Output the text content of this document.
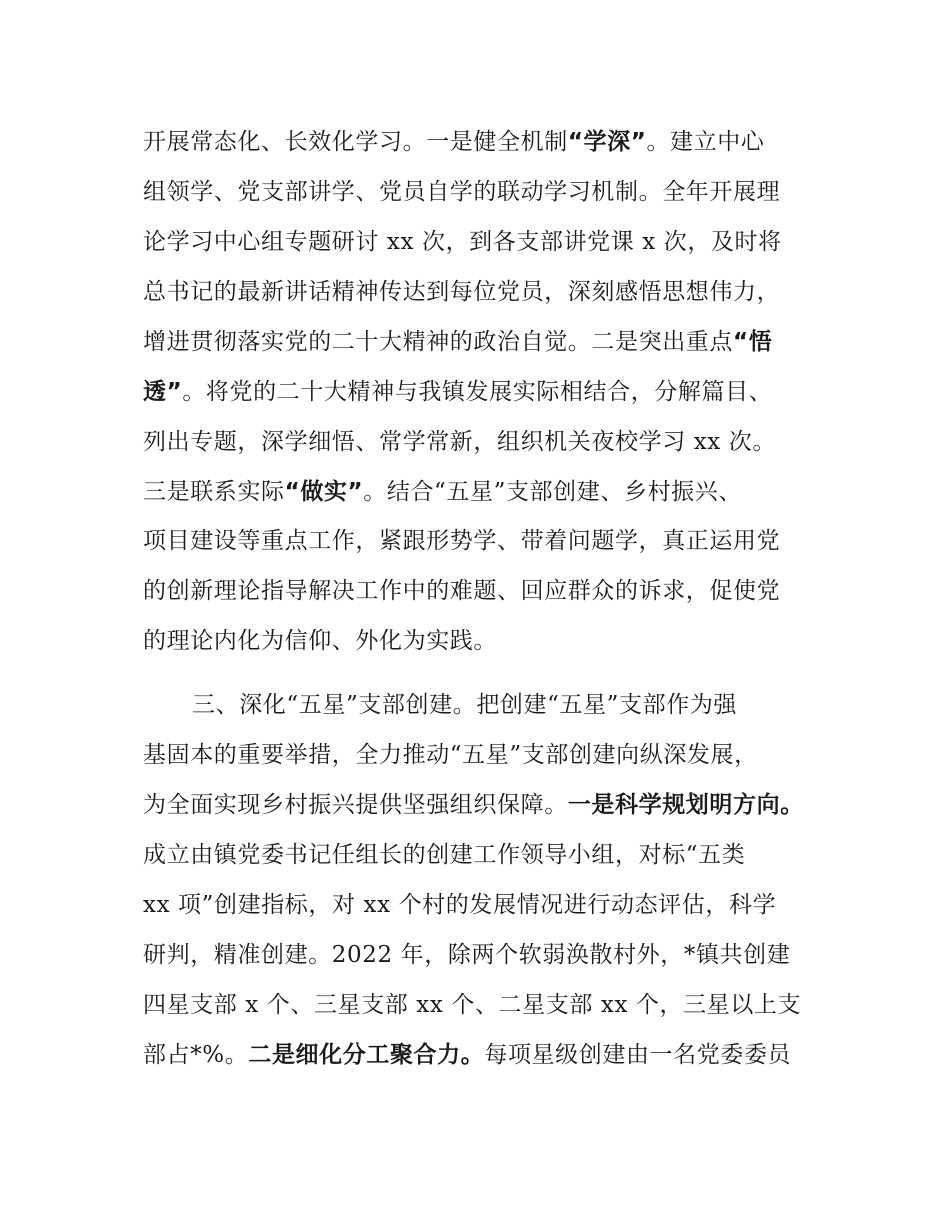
开展常态化、长效化学习。一是健全机制“学深”。建立中心
组领学、党支部讲学、党员自学的联动学习机制。全年开展理
论学习中心组专题研讨 xx 次，到各支部讲党课 x 次，及时将
总书记的最新讲话精神传达到每位党员，深刻感悟思想伟力，
增进贯彻落实党的二十大精神的政治自觉。二是突出重点“悟
透”。将党的二十大精神与我镇发展实际相结合，分解篇目、
列出专题，深学细悟、常学常新，组织机关夜校学习 xx 次。
三是联系实际“做实”。结合“五星”支部创建、乡村振兴、
项目建设等重点工作，紧跟形势学、带着问题学，真正运用党
的创新理论指导解决工作中的难题、回应群众的诉求，促使党
的理论内化为信仰、外化为实践。
三、深化“五星”支部创建。把创建“五星”支部作为强
基固本的重要举措，全力推动“五星”支部创建向纵深发展，
为全面实现乡村振兴提供坚强组织保障。一是科学规划明方向。
成立由镇党委书记任组长的创建工作领导小组，对标“五类
xx 项”创建指标，对 xx 个村的发展情况进行动态评估，科学
研判，精准创建。2022 年，除两个软弱涣散村外，*镇共创建
四星支部 x 个、三星支部 xx 个、二星支部 xx 个，三星以上支
部占*%。二是细化分工聚合力。每项星级创建由一名党委委员
